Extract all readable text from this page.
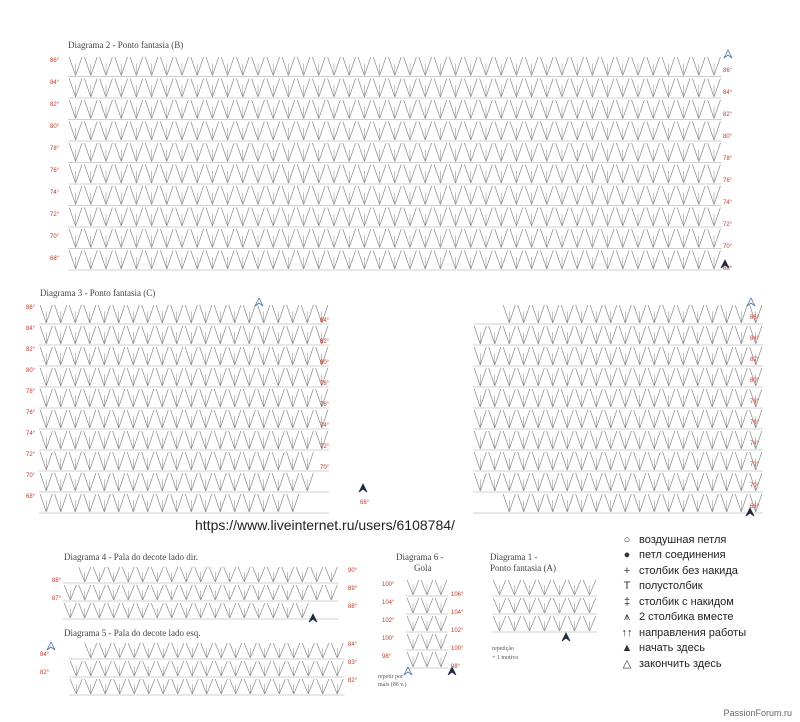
Diagrama 2 - Ponto fantasia (B)
Diagrama 3 - Ponto fantasia (C)
68°
https://www.liveinternet.ru/users/6108784/
Diagrama 4 - Pala do decote lado dir.
Diagrama 5 - Pala do decote lado esq.
Diagrama 6 -
Gola
repetir por
mais (86 v.)
Diagrama 1 -
Ponto fantasia (A)
repetição
= 1 motivo
○ воздушная петля
● петл соединения
+ столбик без накида
T полустолбик
‡ столбик с накидом
⩚ 2 столбика вместе
↑↑ направления работы
▲ начать здесь
△ закончить здесь
PassionForum.ru
86°
84°
82°
80°
78°
76°
74°
72°
70°
68°
86°
84°
82°
80°
78°
76°
74°
72°
70°
68°
86°
84°
82°
80°
78°
76°
74°
72°
70°
68°
84°
82°
80°
78°
76°
74°
72°
70°
86°
84°
82°
80°
78°
76°
74°
72°
70°
68°
88°
87°
90°
89°
88°
84°
82°
84°
83°
82°
100°
104°
102°
100°
98°
106°
104°
102°
100°
98°
